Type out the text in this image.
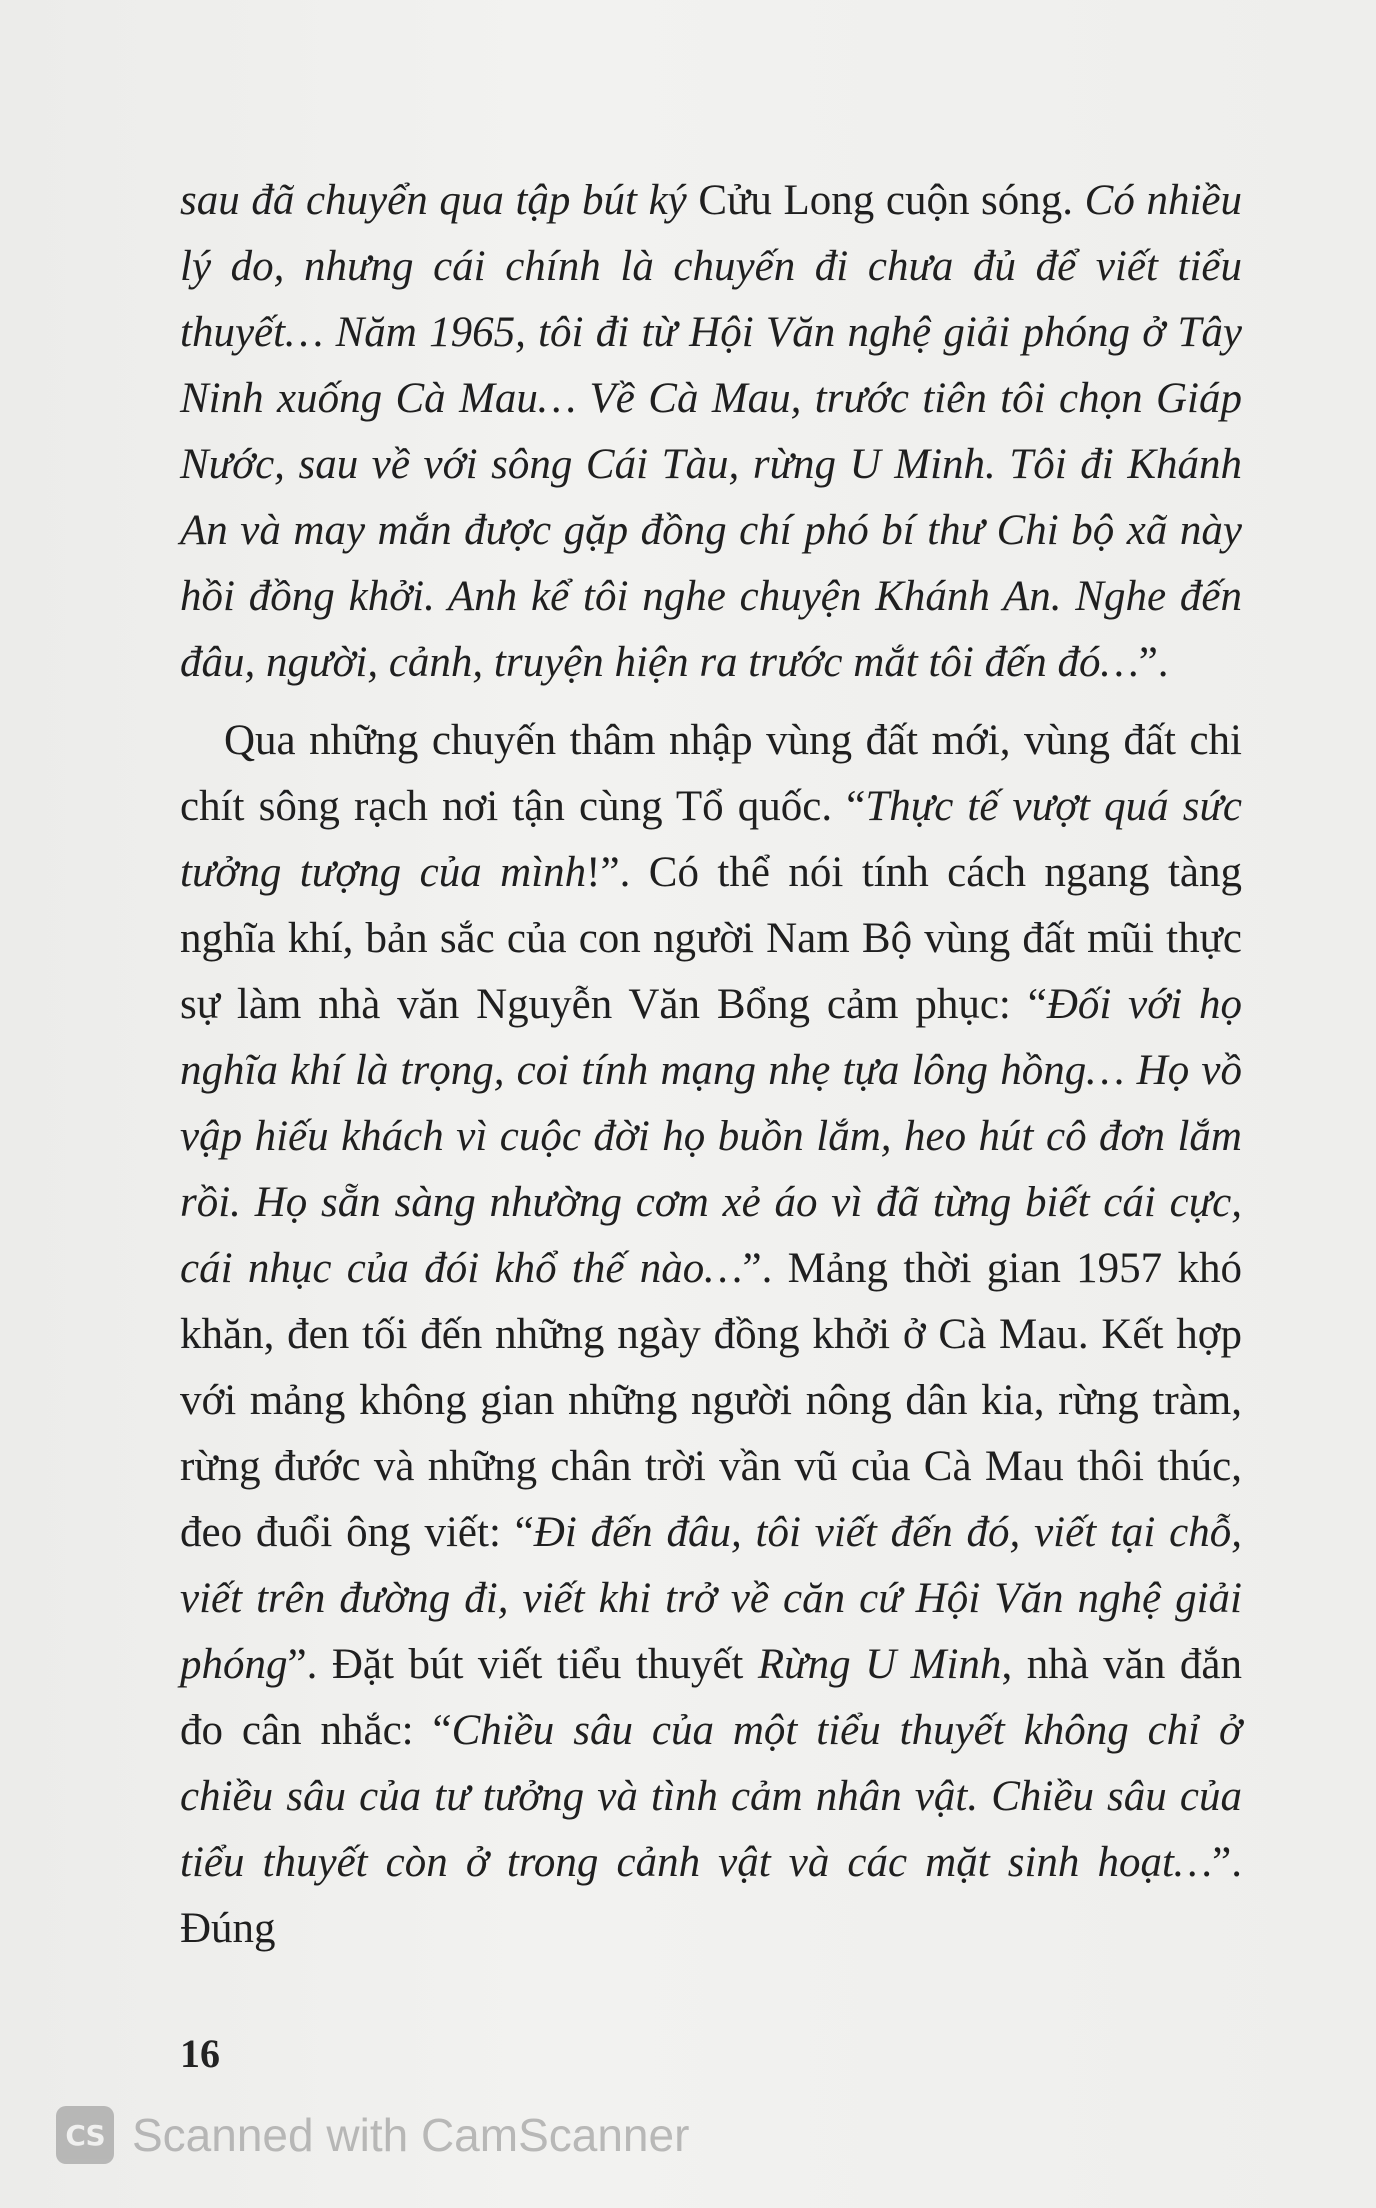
sau đã chuyển qua tập bút ký Cửu Long cuộn sóng. Có nhiều lý do, nhưng cái chính là chuyến đi chưa đủ để viết tiểu thuyết… Năm 1965, tôi đi từ Hội Văn nghệ giải phóng ở Tây Ninh xuống Cà Mau… Về Cà Mau, trước tiên tôi chọn Giáp Nước, sau về với sông Cái Tàu, rừng U Minh. Tôi đi Khánh An và may mắn được gặp đồng chí phó bí thư Chi bộ xã này hồi đồng khởi. Anh kể tôi nghe chuyện Khánh An. Nghe đến đâu, người, cảnh, truyện hiện ra trước mắt tôi đến đó…”.

Qua những chuyến thâm nhập vùng đất mới, vùng đất chi chít sông rạch nơi tận cùng Tổ quốc. “Thực tế vượt quá sức tưởng tượng của mình!”. Có thể nói tính cách ngang tàng nghĩa khí, bản sắc của con người Nam Bộ vùng đất mũi thực sự làm nhà văn Nguyễn Văn Bổng cảm phục: “Đối với họ nghĩa khí là trọng, coi tính mạng nhẹ tựa lông hồng… Họ vồ vập hiếu khách vì cuộc đời họ buồn lắm, heo hút cô đơn lắm rồi. Họ sẵn sàng nhường cơm xẻ áo vì đã từng biết cái cực, cái nhục của đói khổ thế nào…”. Mảng thời gian 1957 khó khăn, đen tối đến những ngày đồng khởi ở Cà Mau. Kết hợp với mảng không gian những người nông dân kia, rừng tràm, rừng đước và những chân trời vần vũ của Cà Mau thôi thúc, đeo đuổi ông viết: “Đi đến đâu, tôi viết đến đó, viết tại chỗ, viết trên đường đi, viết khi trở về căn cứ Hội Văn nghệ giải phóng”. Đặt bút viết tiểu thuyết Rừng U Minh, nhà văn đắn đo cân nhắc: “Chiều sâu của một tiểu thuyết không chỉ ở chiều sâu của tư tưởng và tình cảm nhân vật. Chiều sâu của tiểu thuyết còn ở trong cảnh vật và các mặt sinh hoạt…”. Đúng

16
CS Scanned with CamScanner
